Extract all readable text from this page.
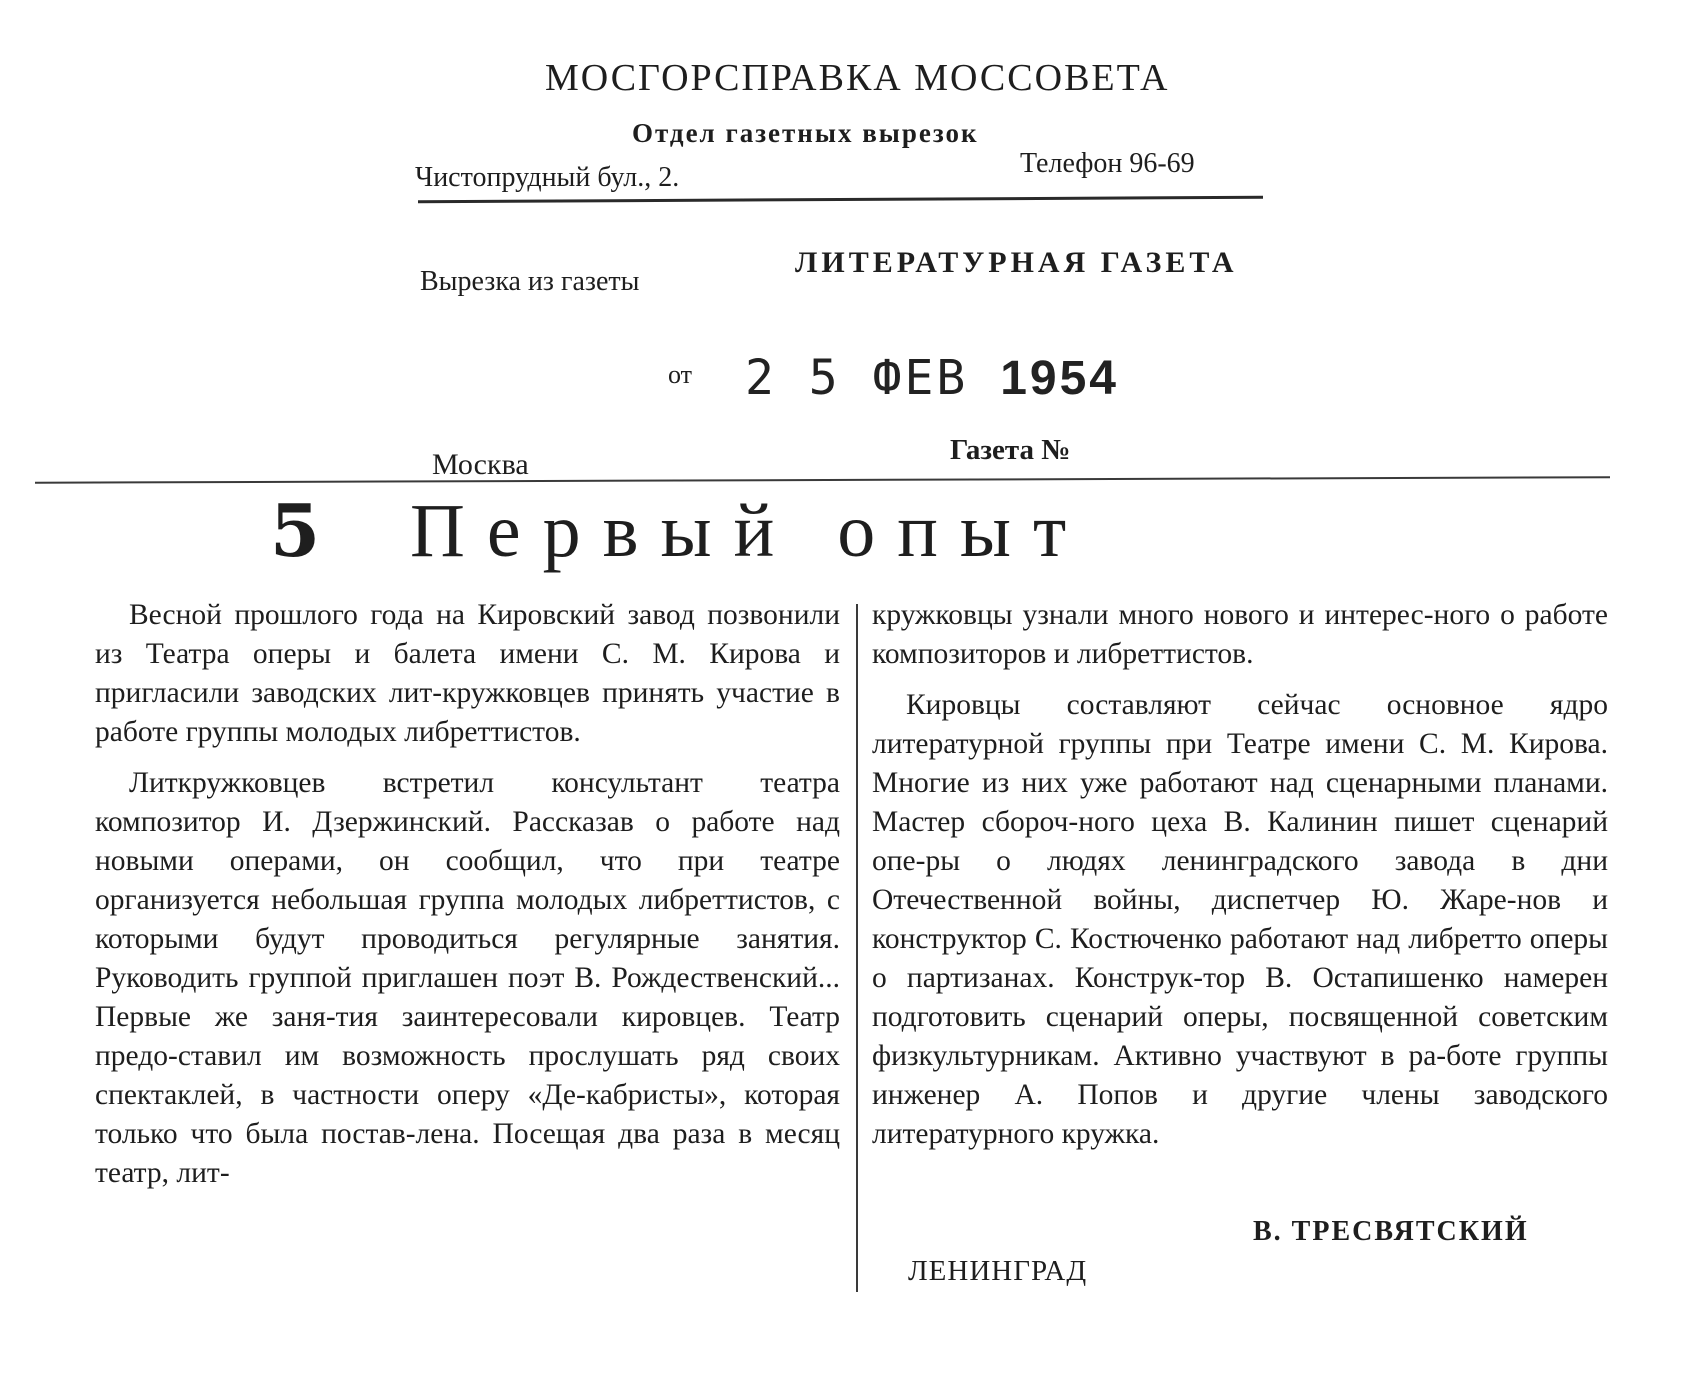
МОСГОРСПРАВКА МОССОВЕТА
Отдел газетных вырезок
Чистопрудный бул., 2.	Телефон 96-69
Вырезка из газеты
ЛИТЕРАТУРНАЯ ГАЗЕТА
от 2 5 ФЕВ 1954
Москва	Газета №
5 Первый опыт

Весной прошлого года на Кировский завод позвонили из Театра оперы и балета имени С. М. Кирова и пригласили заводских лит-кружковцев принять участие в работе группы молодых либреттистов.

Литкружковцев встретил консультант театра композитор И. Дзержинский. Рассказав о работе над новыми операми, он сообщил, что при театре организуется небольшая группа молодых либреттистов, с которыми будут проводиться регулярные занятия. Руководить группой приглашен поэт В. Рождественский... Первые же заня-тия заинтересовали кировцев. Театр предо-ставил им возможность прослушать ряд своих спектаклей, в частности оперу «Де-кабристы», которая только что была постав-лена. Посещая два раза в месяц театр, лит-

кружковцы узнали много нового и интерес-ного о работе композиторов и либреттистов.

Кировцы составляют сейчас основное ядро литературной группы при Театре имени С. М. Кирова. Многие из них уже работают над сценарными планами. Мастер сбороч-ного цеха В. Калинин пишет сценарий опе-ры о людях ленинградского завода в дни Отечественной войны, диспетчер Ю. Жаре-нов и конструктор С. Костюченко работают над либретто оперы о партизанах. Конструк-тор В. Остапишенко намерен подготовить сценарий оперы, посвященной советским физкультурникам. Активно участвуют в ра-боте группы инженер А. Попов и другие члены заводского литературного кружка.

В. ТРЕСВЯТСКИЙ
ЛЕНИНГРАД
